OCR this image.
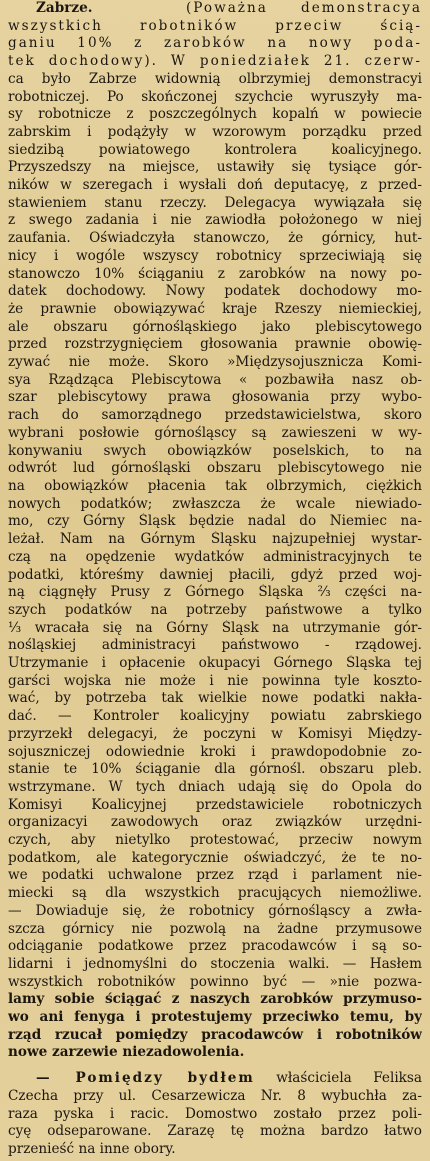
Zabrze.	(Poważna demonstracya
wszystkich robotników przeciw ścią-
ganiu 10% z zarobków na nowy podа-
tek dochodowy). W poniedziałek 21. czerw-
ca było Zabrze widownią olbrzymiej demonstracyi
robotniczej. Po skończonej szychcie wyruszyły ma-
sy robotnicze z poszczególnych kopalń w powiecie
zabrskim i podążyły w wzorowym porządku przed
siedzibą powiatowego kontrolera koalicyjnego.
Przyszedszy na miejsce, ustawiły się tysiące gór-
ników w szeregach i wysłali doń deputacyę, z przed-
stawieniem stanu rzeczy. Delegacya wywiązała się
z swego zadania i nie zawiodła położonego w niej
zaufania. Oświadczyła stanowczo, że górnicy, hut-
nicy i wogóle wszyscy robotnicy sprzeciwiają się
stanowczo 10% ściąganiu z zarobków na nowy po-
datek dochodowy. Nowy podatek dochodowy mo-
że prawnie obowiązywać kraje Rzeszy niemieckiej,
ale obszaru górnośląskiego jako plebiscytowego
przed rozstrzygnięciem głosowania prawnie obowię-
zywać nie może. Skoro »Międzysojusznicza Komi-
sya Rządząca Plebiscytowa « pozbawiła nasz ob-
szar plebiscytowy prawa głosowania przy wybo-
rach do samorządnego przedstawicielstwa, skoro
wybrani posłowie górnośląscy są zawieszeni w wy-
konywaniu swych obowiązków poselskich, to na
odwrót lud górnośląski obszaru plebiscytowego nie
na obowiązków płacenia tak olbrzymich, ciężkich
nowych podatków; zwłaszcza że wcale niewiado-
mo, czy Górny Śląsk będzie nadal do Niemiec na-
leżał. Nam na Górnym Śląsku najzupełniej wystar-
czą na opędzenie wydatków administracyjnych te
podatki, któreśmy dawniej płacili, gdyż przed woj-
ną ciągnęły Prusy z Górnego Śląska ⅔ części na-
szych podatków na potrzeby państwowe a tylko
⅓ wracała się na Górny Śląsk na utrzymanie gór-
nośląskiej administracyi państwowo - rządowej.
Utrzymanie i opłacenie okupacyi Górnego Śląska tej
garści wojska nie może i nie powinna tyle koszto-
wać, by potrzeba tak wielkie nowe podatki nakła-
dać. — Kontroler koalicyjny powiatu zabrskiego
przyrzekł delegacyi, że poczyni w Komisyi Między-
sojuszniczej odowiednie kroki i prawdopodobnie zo-
stanie te 10% ściąganie dla górnośl. obszaru pleb.
wstrzymane. W tych dniach udają się do Opola do
Komisyi Koalicyjnej przedstawiciele robotniczych
organizacyi zawodowych oraz związków urzędni-
czych, aby nietylko protestować, przeciw nowym
podatkom, ale kategorycznie oświadczyć, że te no-
we podatki uchwalone przez rząd i parlament nie-
miecki są dla wszystkich pracujących niemożliwe.
— Dowiaduje się, że robotnicy górnośląscy a zwła-
szcza górnicy nie pozwolą na żadne przymusowe
odciąganie podatkowe przez pracodawców i są so-
lidarni i jednomyślni do stoczenia walki. — Hasłem
wszystkich robotników powinno być — »nie pozwa-
lamy sobie ściągać z naszych zarobków przymuso-
wo ani fenyga i protestujemy przeciwko temu, by
rząd rzucał pomiędzy pracodawców i robotników
nowe zarzewie niezadowolenia.
— Pomiędzy bydłem właściciela Feliksa
Czecha przy ul. Cesarzewicza Nr. 8 wybuchła za-
raza pyska i racic. Domostwo zostało przez poli-
cyę odseparowane. Zarazę tę można bardzo łatwo
przenieść na inne obory.
